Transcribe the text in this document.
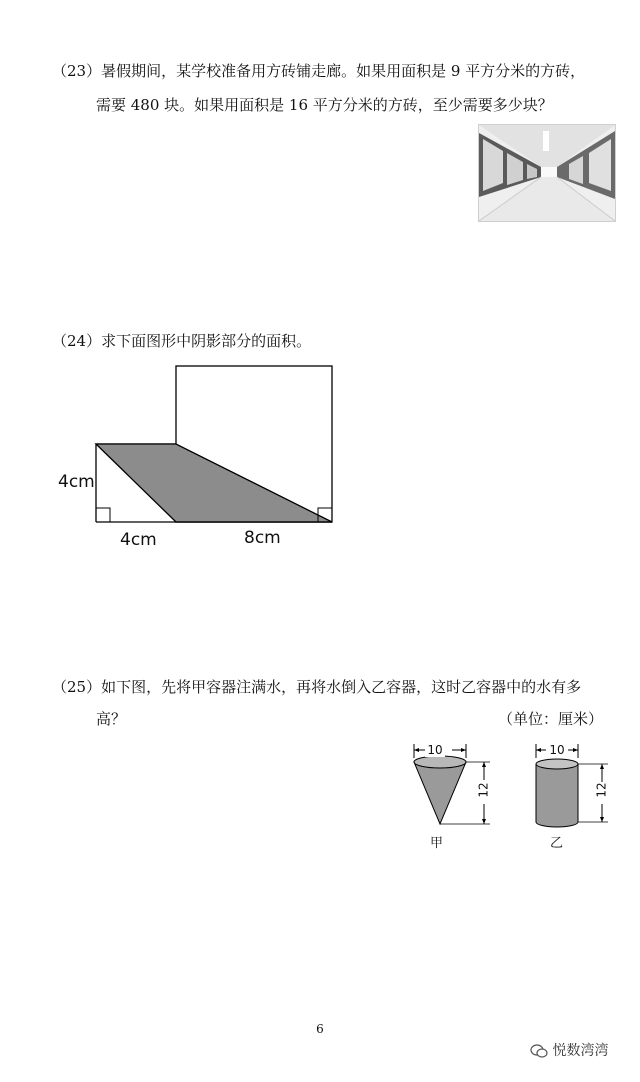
（23）暑假期间，某学校准备用方砖铺走廊。如果用面积是 9 平方分米的方砖，
需要 480 块。如果用面积是 16 平方分米的方砖，至少需要多少块？
（24）求下面图形中阴影部分的面积。
4cm
4cm	8cm
（25）如下图，先将甲容器注满水，再将水倒入乙容器，这时乙容器中的水有多
高？	（单位：厘米）
10
12
甲
10
12
乙
6
悦数湾湾
